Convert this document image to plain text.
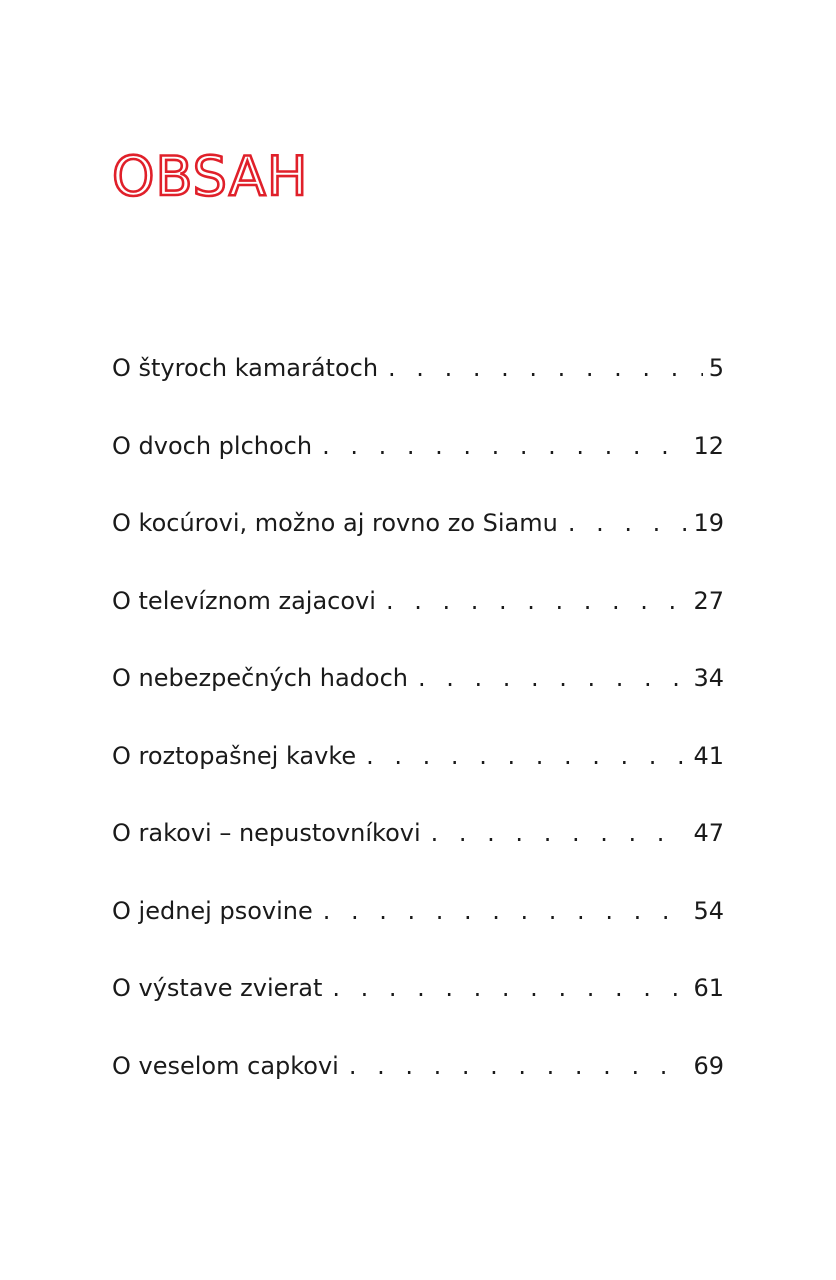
OBSAH
O štyroch kamarátoch . . .	5
O dvoch plchoch . . .	12
O kocúrovi, možno aj rovno zo Siamu . . .	19
O televíznom zajacovi . . .	27
O nebezpečných hadoch . . .	34
O roztopašnej kavke . . .	41
O rakovi – nepustovníkovi . . .	47
O jednej psovine . . .	54
O výstave zvierat . . .	61
O veselom capkovi . . .	69
